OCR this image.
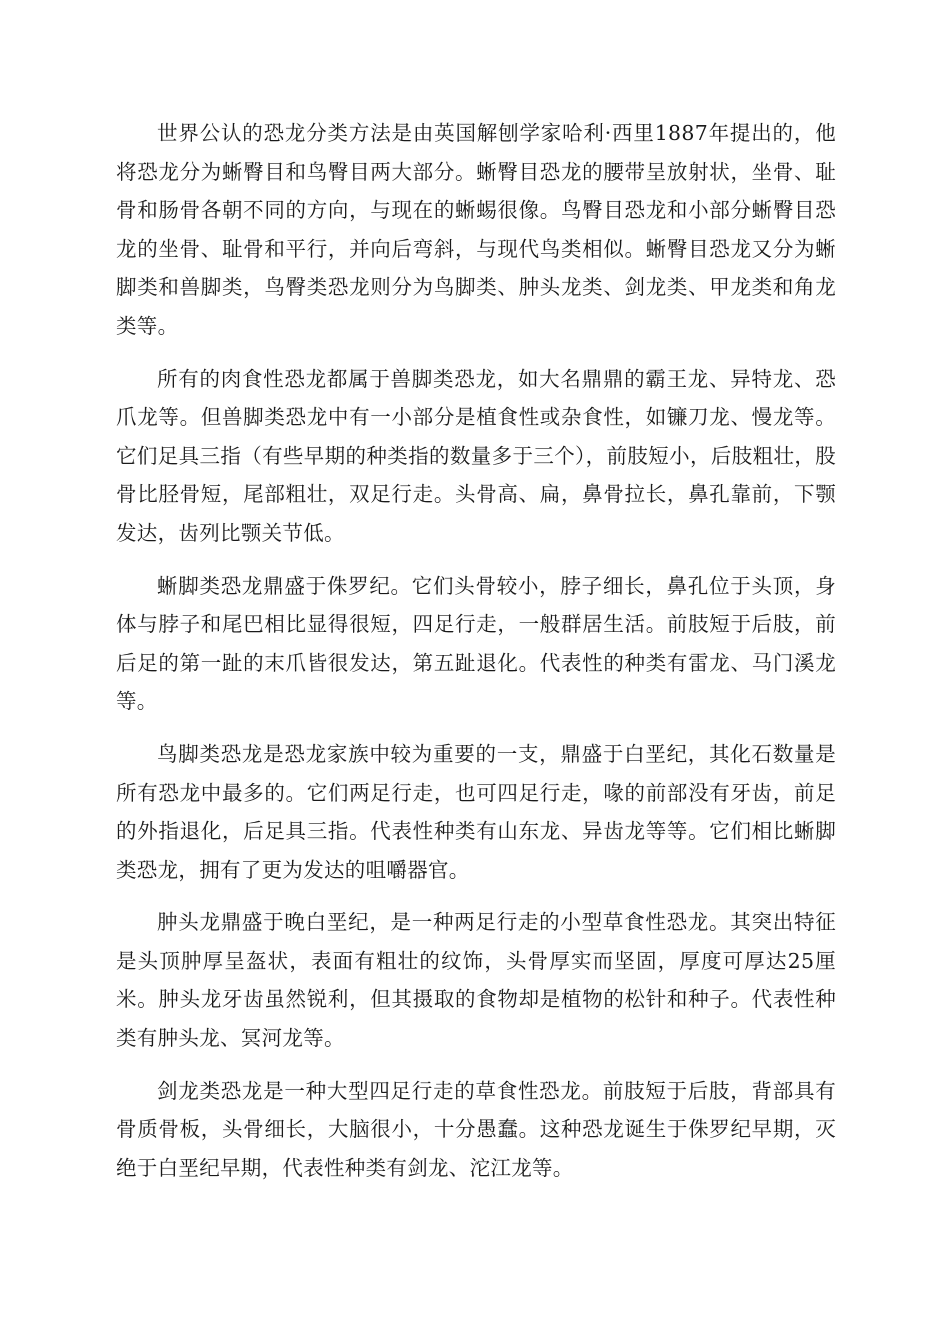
世界公认的恐龙分类方法是由英国解刨学家哈利·西里1887年提出的，他将恐龙分为蜥臀目和鸟臀目两大部分。蜥臀目恐龙的腰带呈放射状，坐骨、耻骨和肠骨各朝不同的方向，与现在的蜥蜴很像。鸟臀目恐龙和小部分蜥臀目恐龙的坐骨、耻骨和平行，并向后弯斜，与现代鸟类相似。蜥臀目恐龙又分为蜥脚类和兽脚类，鸟臀类恐龙则分为鸟脚类、肿头龙类、剑龙类、甲龙类和角龙类等。

所有的肉食性恐龙都属于兽脚类恐龙，如大名鼎鼎的霸王龙、异特龙、恐爪龙等。但兽脚类恐龙中有一小部分是植食性或杂食性，如镰刀龙、慢龙等。它们足具三指（有些早期的种类指的数量多于三个），前肢短小，后肢粗壮，股骨比胫骨短，尾部粗壮，双足行走。头骨高、扁，鼻骨拉长，鼻孔靠前，下颚发达，齿列比颚关节低。

蜥脚类恐龙鼎盛于侏罗纪。它们头骨较小，脖子细长，鼻孔位于头顶，身体与脖子和尾巴相比显得很短，四足行走，一般群居生活。前肢短于后肢，前后足的第一趾的末爪皆很发达，第五趾退化。代表性的种类有雷龙、马门溪龙等。

鸟脚类恐龙是恐龙家族中较为重要的一支，鼎盛于白垩纪，其化石数量是所有恐龙中最多的。它们两足行走，也可四足行走，喙的前部没有牙齿，前足的外指退化，后足具三指。代表性种类有山东龙、异齿龙等等。它们相比蜥脚类恐龙，拥有了更为发达的咀嚼器官。

肿头龙鼎盛于晚白垩纪，是一种两足行走的小型草食性恐龙。其突出特征是头顶肿厚呈盔状，表面有粗壮的纹饰，头骨厚实而坚固，厚度可厚达25厘米。肿头龙牙齿虽然锐利，但其摄取的食物却是植物的松针和种子。代表性种类有肿头龙、冥河龙等。

剑龙类恐龙是一种大型四足行走的草食性恐龙。前肢短于后肢，背部具有骨质骨板，头骨细长，大脑很小，十分愚蠢。这种恐龙诞生于侏罗纪早期，灭绝于白垩纪早期，代表性种类有剑龙、沱江龙等。
